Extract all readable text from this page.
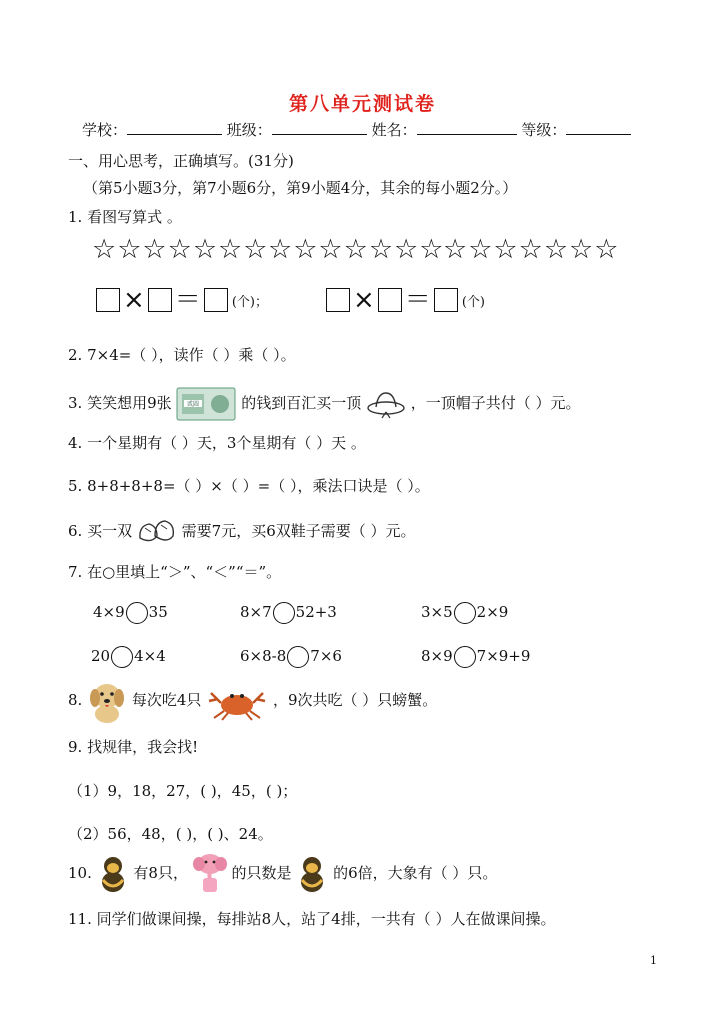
第八单元测试卷
学校：	班级：	姓名：	等级：
一、用心思考，正确填写。(31分)
（第5小题3分，第7小题6分，第9小题4分，其余的每小题2分。）
1. 看图写算式 。
☆☆☆☆☆☆☆ ☆☆☆☆☆☆☆
☆☆☆☆☆☆☆
× ＝ (个)；	× ＝ (个)
2. 7×4=（ ），读作（ ）乘（ ）。
3. 笑笑想用9张	贰圆	的钱到百汇买一顶	，一顶帽子共付（ ）元。
4. 一个星期有（ ）天，3个星期有（ ）天 。
5. 8+8+8+8=（ ）×（ ）=（ ），乘法口诀是（ ）。
6. 买一双	需要7元，买6双鞋子需要（ ）元。
7. 在○里填上“＞”、“＜”“＝”。
4×9 35	8×7 52+3	3×5 2×9
20 4×4	6×8-8 7×6	8×9 7×9+9
8.	每次吃4只	，9次共吃（ ）只螃蟹。
9. 找规律，我会找!
（1）9，18，27，( )，45，( )；
（2）56，48，( )，( )、24。
10.	有8只，	的只数是	的6倍，大象有（ ）只。
11. 同学们做课间操，每排站8人，站了4排，一共有（ ）人在做课间操。
1
